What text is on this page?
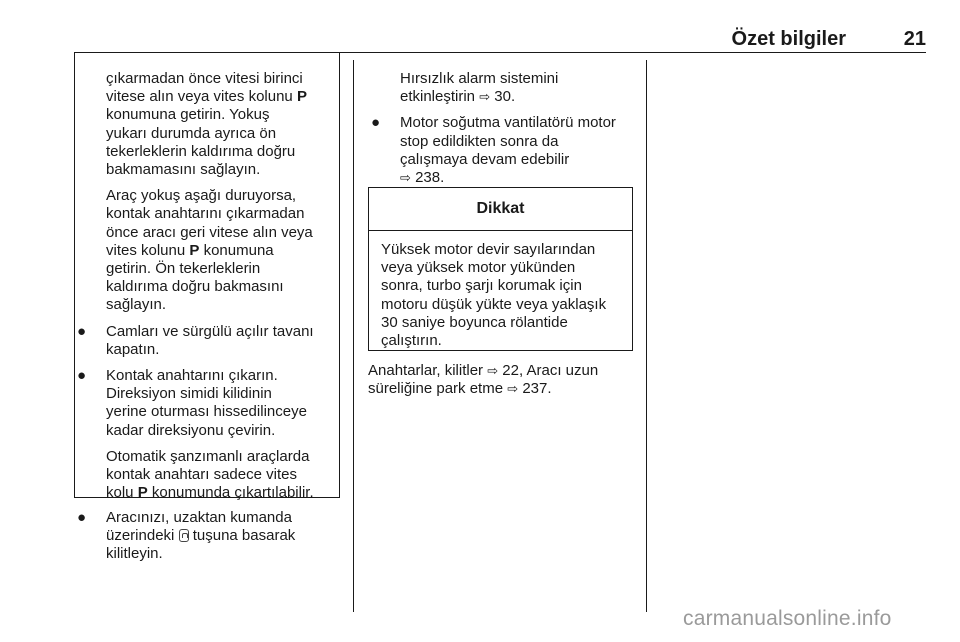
Özet bilgiler	21

çıkarmadan önce vitesi birinci

vitese alın veya vites kolunu P

konumuna getirin. Yokuş

yukarı durumda ayrıca ön

tekerleklerin kaldırıma doğru

bakmamasını sağlayın.

Araç yokuş aşağı duruyorsa,

kontak anahtarını çıkarmadan

önce aracı geri vitese alın veya

vites kolunu P konumuna

getirin. Ön tekerleklerin

kaldırıma doğru bakmasını

sağlayın.

●	Camları ve sürgülü açılır tavanı

kapatın.

●	Kontak anahtarını çıkarın.

Direksiyon simidi kilidinin

yerine oturması hissedilinceye

kadar direksiyonu çevirin.

Otomatik şanzımanlı araçlarda

kontak anahtarı sadece vites

kolu P konumunda çıkartılabilir.

●	Aracınızı, uzaktan kumanda

üzerindeki  tuşuna basarak

kilitleyin.

Hırsızlık alarm sistemini

etkinleştirin ⇨ 30.

●	Motor soğutma vantilatörü motor

stop edildikten sonra da

çalışmaya devam edebilir

⇨ 238.

Dikkat

Yüksek motor devir sayılarından

veya yüksek motor yükünden

sonra, turbo şarjı korumak için

motoru düşük yükte veya yaklaşık

30 saniye boyunca rölantide

çalıştırın.

Anahtarlar, kilitler ⇨ 22, Aracı uzun

süreliğine park etme ⇨ 237.

carmanualsonline.info
